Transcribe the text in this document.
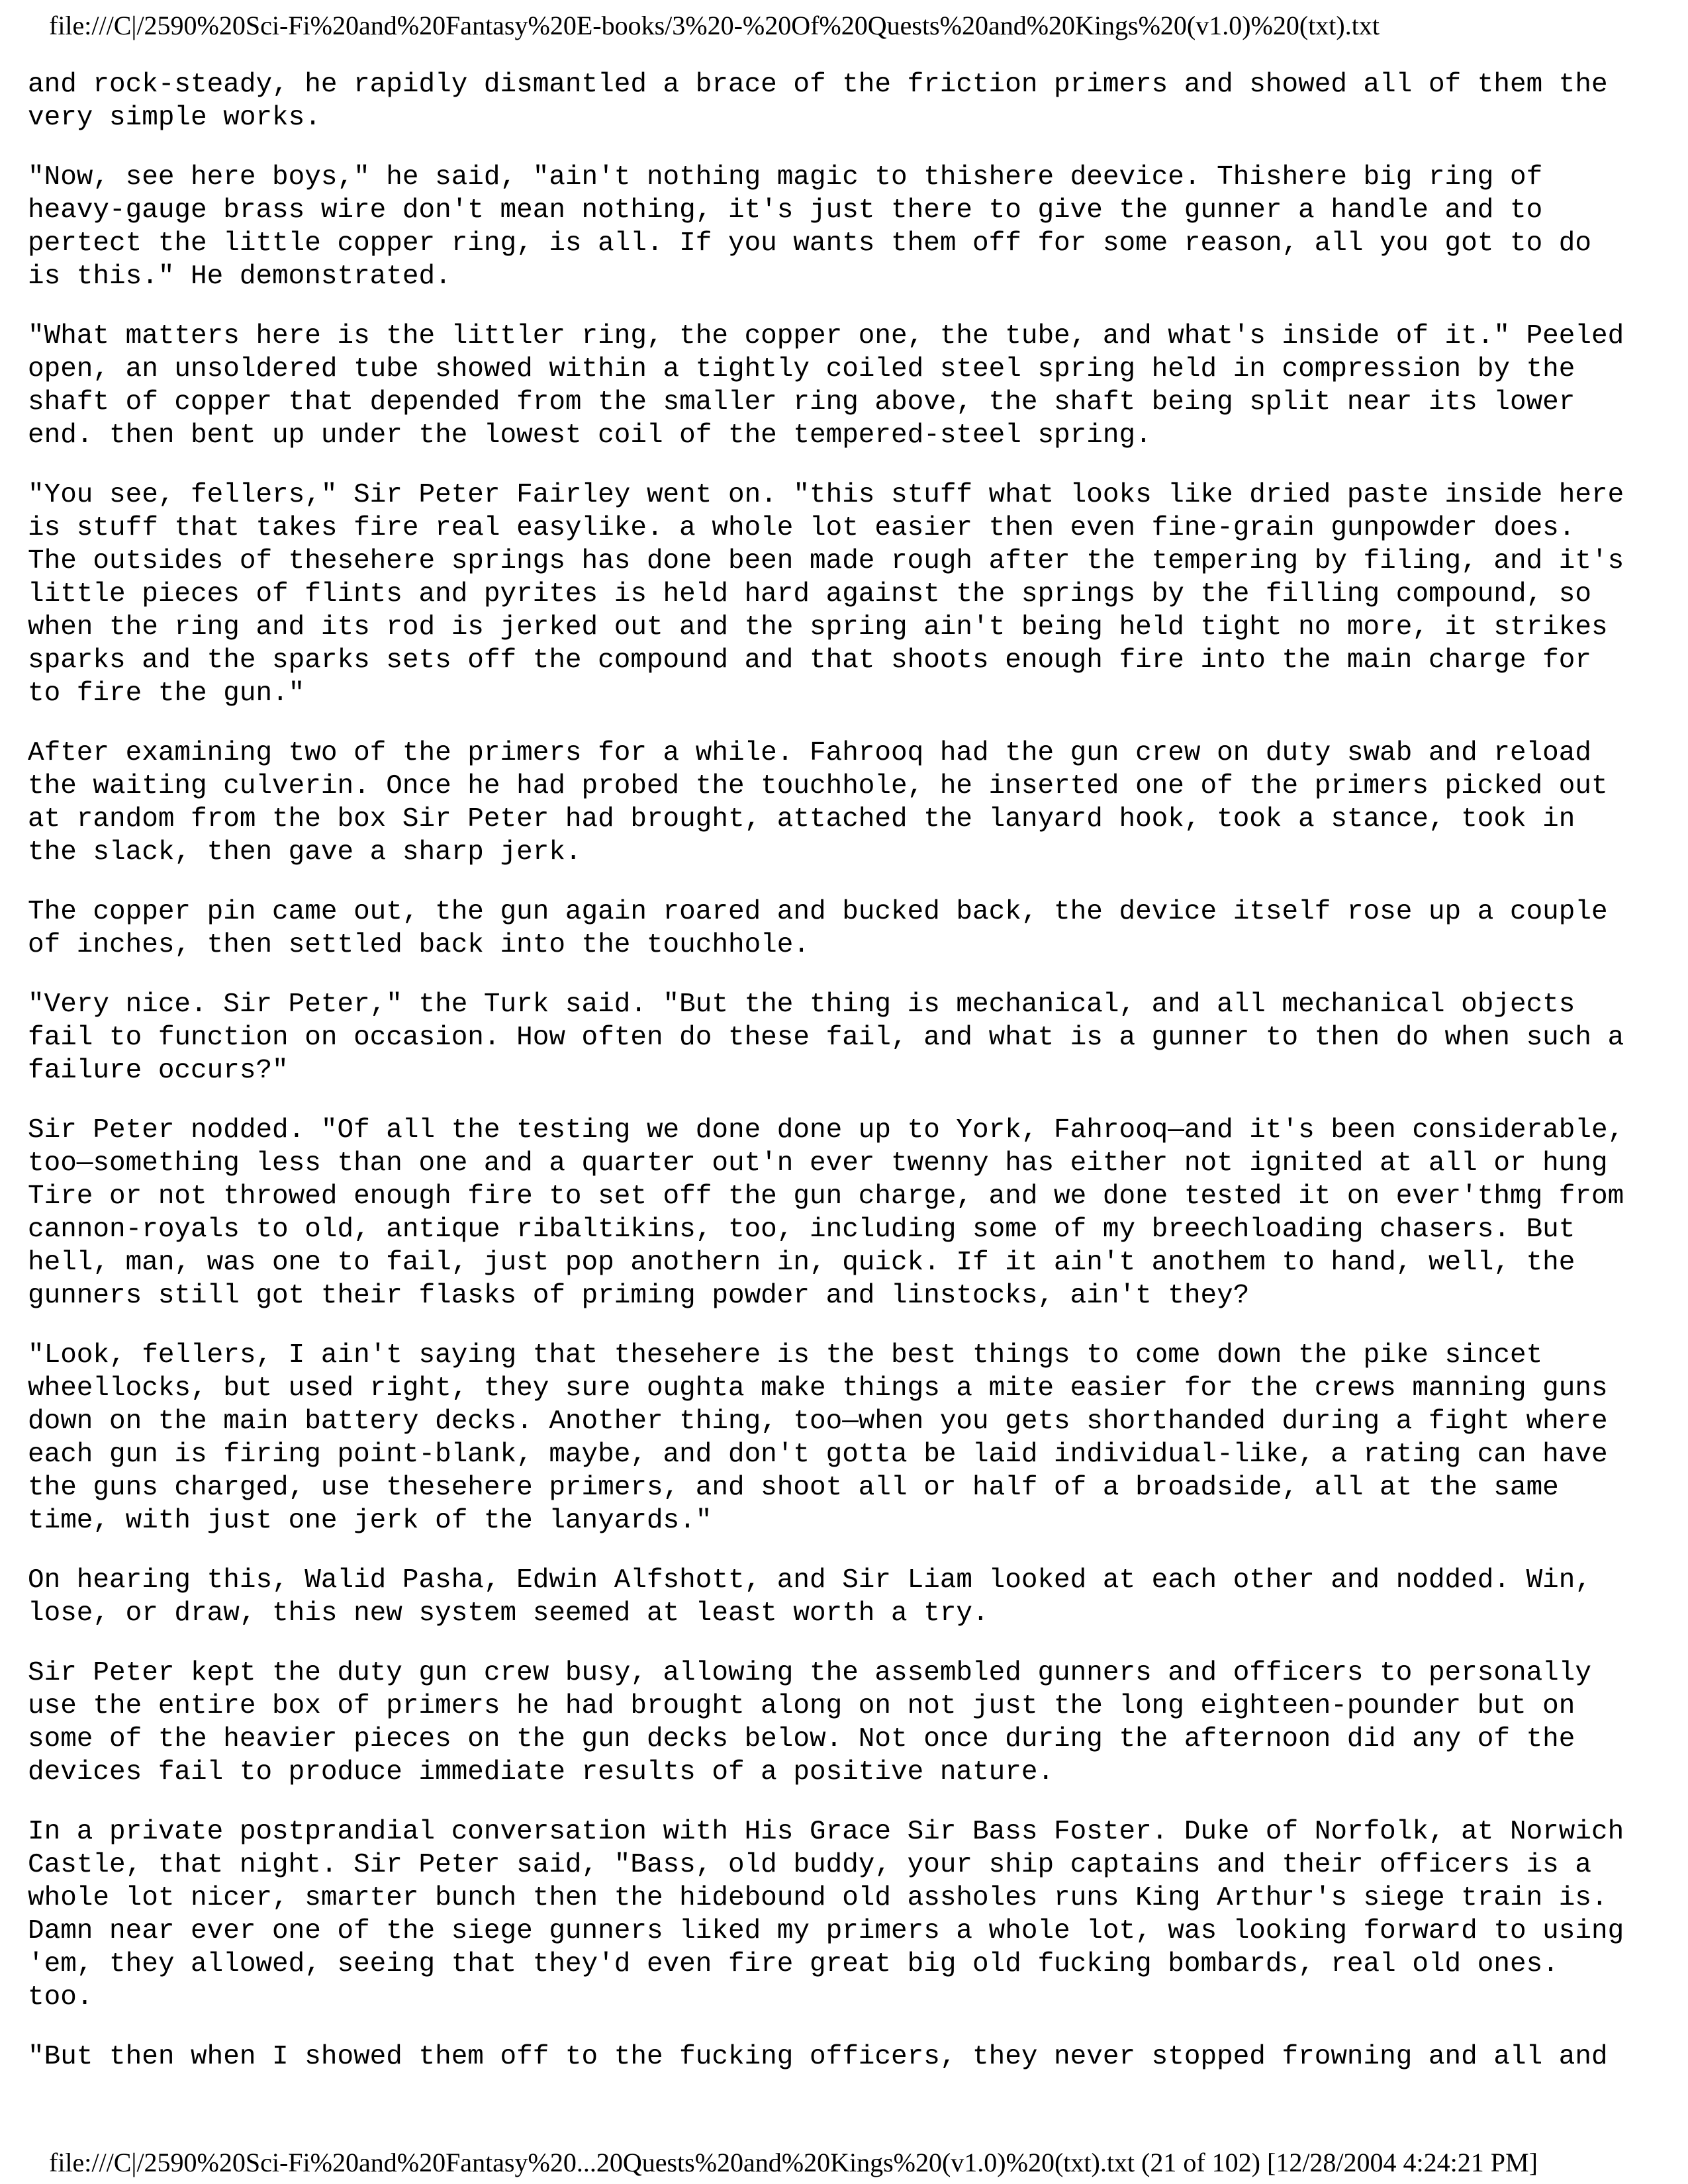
file:///C|/2590%20Sci-Fi%20and%20Fantasy%20E-books/3%20-%20Of%20Quests%20and%20Kings%20(v1.0)%20(txt).txt

and rock-steady, he rapidly dismantled a brace of the friction primers and showed all of them the
very simple works.

"Now, see here boys," he said, "ain't nothing magic to thishere deevice. Thishere big ring of
heavy-gauge brass wire don't mean nothing, it's just there to give the gunner a handle and to
pertect the little copper ring, is all. If you wants them off for some reason, all you got to do
is this." He demonstrated.

"What matters here is the littler ring, the copper one, the tube, and what's inside of it." Peeled
open, an unsoldered tube showed within a tightly coiled steel spring held in compression by the
shaft of copper that depended from the smaller ring above, the shaft being split near its lower
end. then bent up under the lowest coil of the tempered-steel spring.

"You see, fellers," Sir Peter Fairley went on. "this stuff what looks like dried paste inside here
is stuff that takes fire real easylike. a whole lot easier then even fine-grain gunpowder does.
The outsides of thesehere springs has done been made rough after the tempering by filing, and it's
little pieces of flints and pyrites is held hard against the springs by the filling compound, so
when the ring and its rod is jerked out and the spring ain't being held tight no more, it strikes
sparks and the sparks sets off the compound and that shoots enough fire into the main charge for
to fire the gun."

After examining two of the primers for a while. Fahrooq had the gun crew on duty swab and reload
the waiting culverin. Once he had probed the touchhole, he inserted one of the primers picked out
at random from the box Sir Peter had brought, attached the lanyard hook, took a stance, took in
the slack, then gave a sharp jerk.

The copper pin came out, the gun again roared and bucked back, the device itself rose up a couple
of inches, then settled back into the touchhole.

"Very nice. Sir Peter," the Turk said. "But the thing is mechanical, and all mechanical objects
fail to function on occasion. How often do these fail, and what is a gunner to then do when such a
failure occurs?"

Sir Peter nodded. "Of all the testing we done done up to York, Fahrooq—and it's been considerable,
too—something less than one and a quarter out'n ever twenny has either not ignited at all or hung
Tire or not throwed enough fire to set off the gun charge, and we done tested it on ever'thmg from
cannon-royals to old, antique ribaltikins, too, including some of my breechloading chasers. But
hell, man, was one to fail, just pop anothern in, quick. If it ain't anothem to hand, well, the
gunners still got their flasks of priming powder and linstocks, ain't they?

"Look, fellers, I ain't saying that thesehere is the best things to come down the pike sincet
wheellocks, but used right, they sure oughta make things a mite easier for the crews manning guns
down on the main battery decks. Another thing, too—when you gets shorthanded during a fight where
each gun is firing point-blank, maybe, and don't gotta be laid individual-like, a rating can have
the guns charged, use thesehere primers, and shoot all or half of a broadside, all at the same
time, with just one jerk of the lanyards."

On hearing this, Walid Pasha, Edwin Alfshott, and Sir Liam looked at each other and nodded. Win,
lose, or draw, this new system seemed at least worth a try.

Sir Peter kept the duty gun crew busy, allowing the assembled gunners and officers to personally
use the entire box of primers he had brought along on not just the long eighteen-pounder but on
some of the heavier pieces on the gun decks below. Not once during the afternoon did any of the
devices fail to produce immediate results of a positive nature.

In a private postprandial conversation with His Grace Sir Bass Foster. Duke of Norfolk, at Norwich
Castle, that night. Sir Peter said, "Bass, old buddy, your ship captains and their officers is a
whole lot nicer, smarter bunch then the hidebound old assholes runs King Arthur's siege train is.
Damn near ever one of the siege gunners liked my primers a whole lot, was looking forward to using
'em, they allowed, seeing that they'd even fire great big old fucking bombards, real old ones.
too.

"But then when I showed them off to the fucking officers, they never stopped frowning and all and

file:///C|/2590%20Sci-Fi%20and%20Fantasy%20...20Quests%20and%20Kings%20(v1.0)%20(txt).txt (21 of 102) [12/28/2004 4:24:21 PM]
